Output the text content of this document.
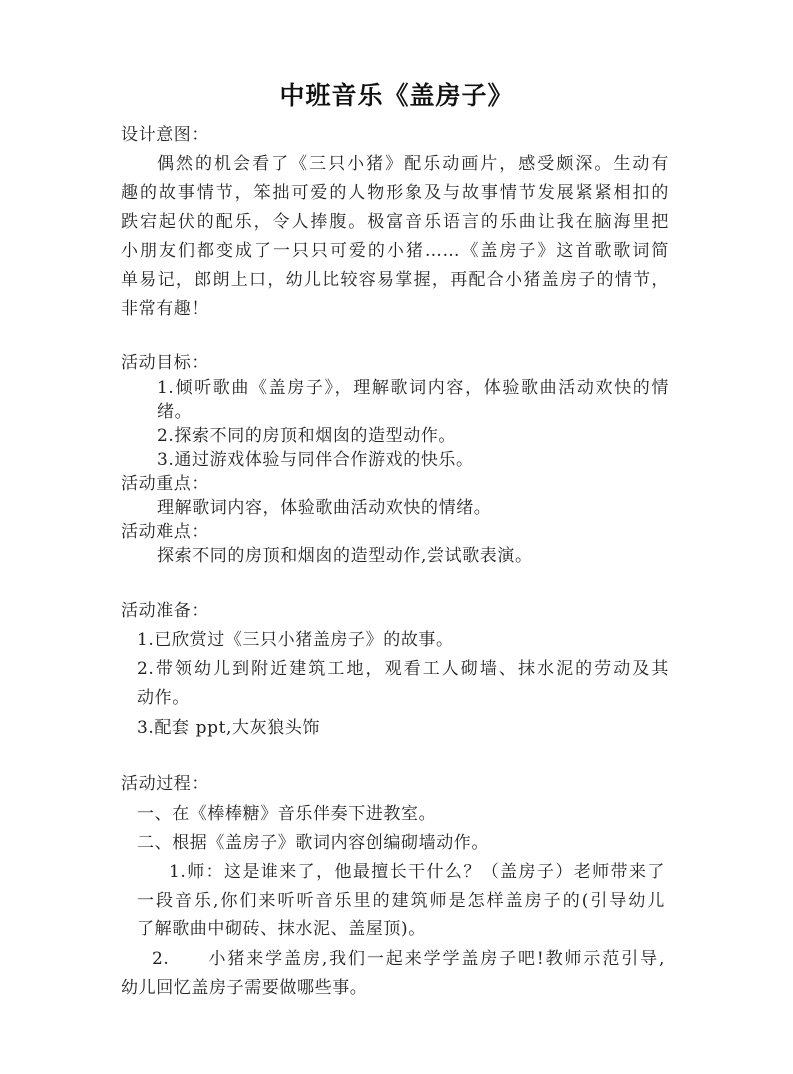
中班音乐《盖房子》
设计意图：
偶然的机会看了《三只小猪》配乐动画片，感受颇深。生动有
趣的故事情节，笨拙可爱的人物形象及与故事情节发展紧紧相扣的
跌宕起伏的配乐，令人捧腹。极富音乐语言的乐曲让我在脑海里把
小朋友们都变成了一只只可爱的小猪……《盖房子》这首歌歌词简
单易记，郎朗上口，幼儿比较容易掌握，再配合小猪盖房子的情节，
非常有趣！
活动目标：
1.倾听歌曲《盖房子》，理解歌词内容，体验歌曲活动欢快的情
绪。
2.探索不同的房顶和烟囱的造型动作。
3.通过游戏体验与同伴合作游戏的快乐。
活动重点：
理解歌词内容，体验歌曲活动欢快的情绪。
活动难点：
探索不同的房顶和烟囱的造型动作,尝试歌表演。
活动准备：
1.已欣赏过《三只小猪盖房子》的故事。
2.带领幼儿到附近建筑工地，观看工人砌墙、抹水泥的劳动及其
动作。
3.配套 ppt,大灰狼头饰
活动过程：
一、在《棒棒糖》音乐伴奏下进教室。
二、根据《盖房子》歌词内容创编砌墙动作。
1.师：这是谁来了，他最擅长干什么？（盖房子）老师带来了
一段音乐,你们来听听音乐里的建筑师是怎样盖房子的(引导幼儿
了解歌曲中砌砖、抹水泥、盖屋顶)。
2.　　小猪来学盖房,我们一起来学学盖房子吧!教师示范引导,
幼儿回忆盖房子需要做哪些事。
